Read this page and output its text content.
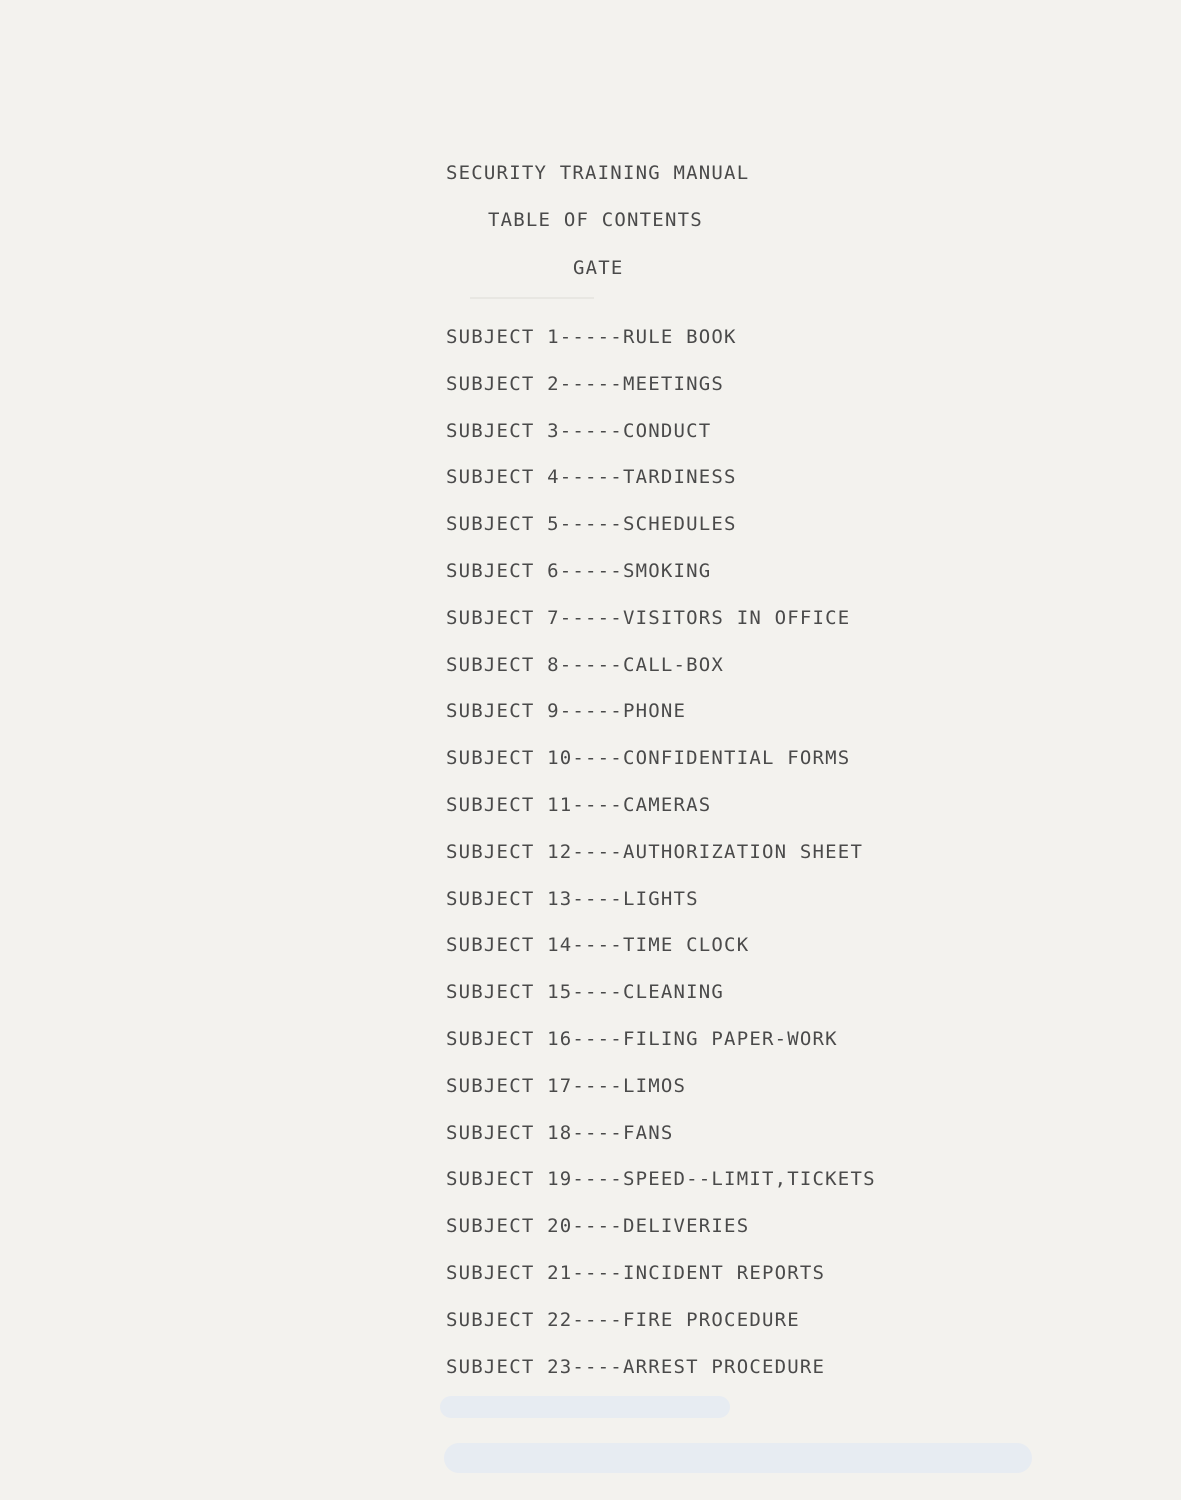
SECURITY TRAINING MANUAL
TABLE OF CONTENTS
GATE
SUBJECT 1-----RULE BOOK
SUBJECT 2-----MEETINGS
SUBJECT 3-----CONDUCT
SUBJECT 4-----TARDINESS
SUBJECT 5-----SCHEDULES
SUBJECT 6-----SMOKING
SUBJECT 7-----VISITORS IN OFFICE
SUBJECT 8-----CALL-BOX
SUBJECT 9-----PHONE
SUBJECT 10----CONFIDENTIAL FORMS
SUBJECT 11----CAMERAS
SUBJECT 12----AUTHORIZATION SHEET
SUBJECT 13----LIGHTS
SUBJECT 14----TIME CLOCK
SUBJECT 15----CLEANING
SUBJECT 16----FILING PAPER-WORK
SUBJECT 17----LIMOS
SUBJECT 18----FANS
SUBJECT 19----SPEED--LIMIT,TICKETS
SUBJECT 20----DELIVERIES
SUBJECT 21----INCIDENT REPORTS
SUBJECT 22----FIRE PROCEDURE
SUBJECT 23----ARREST PROCEDURE
